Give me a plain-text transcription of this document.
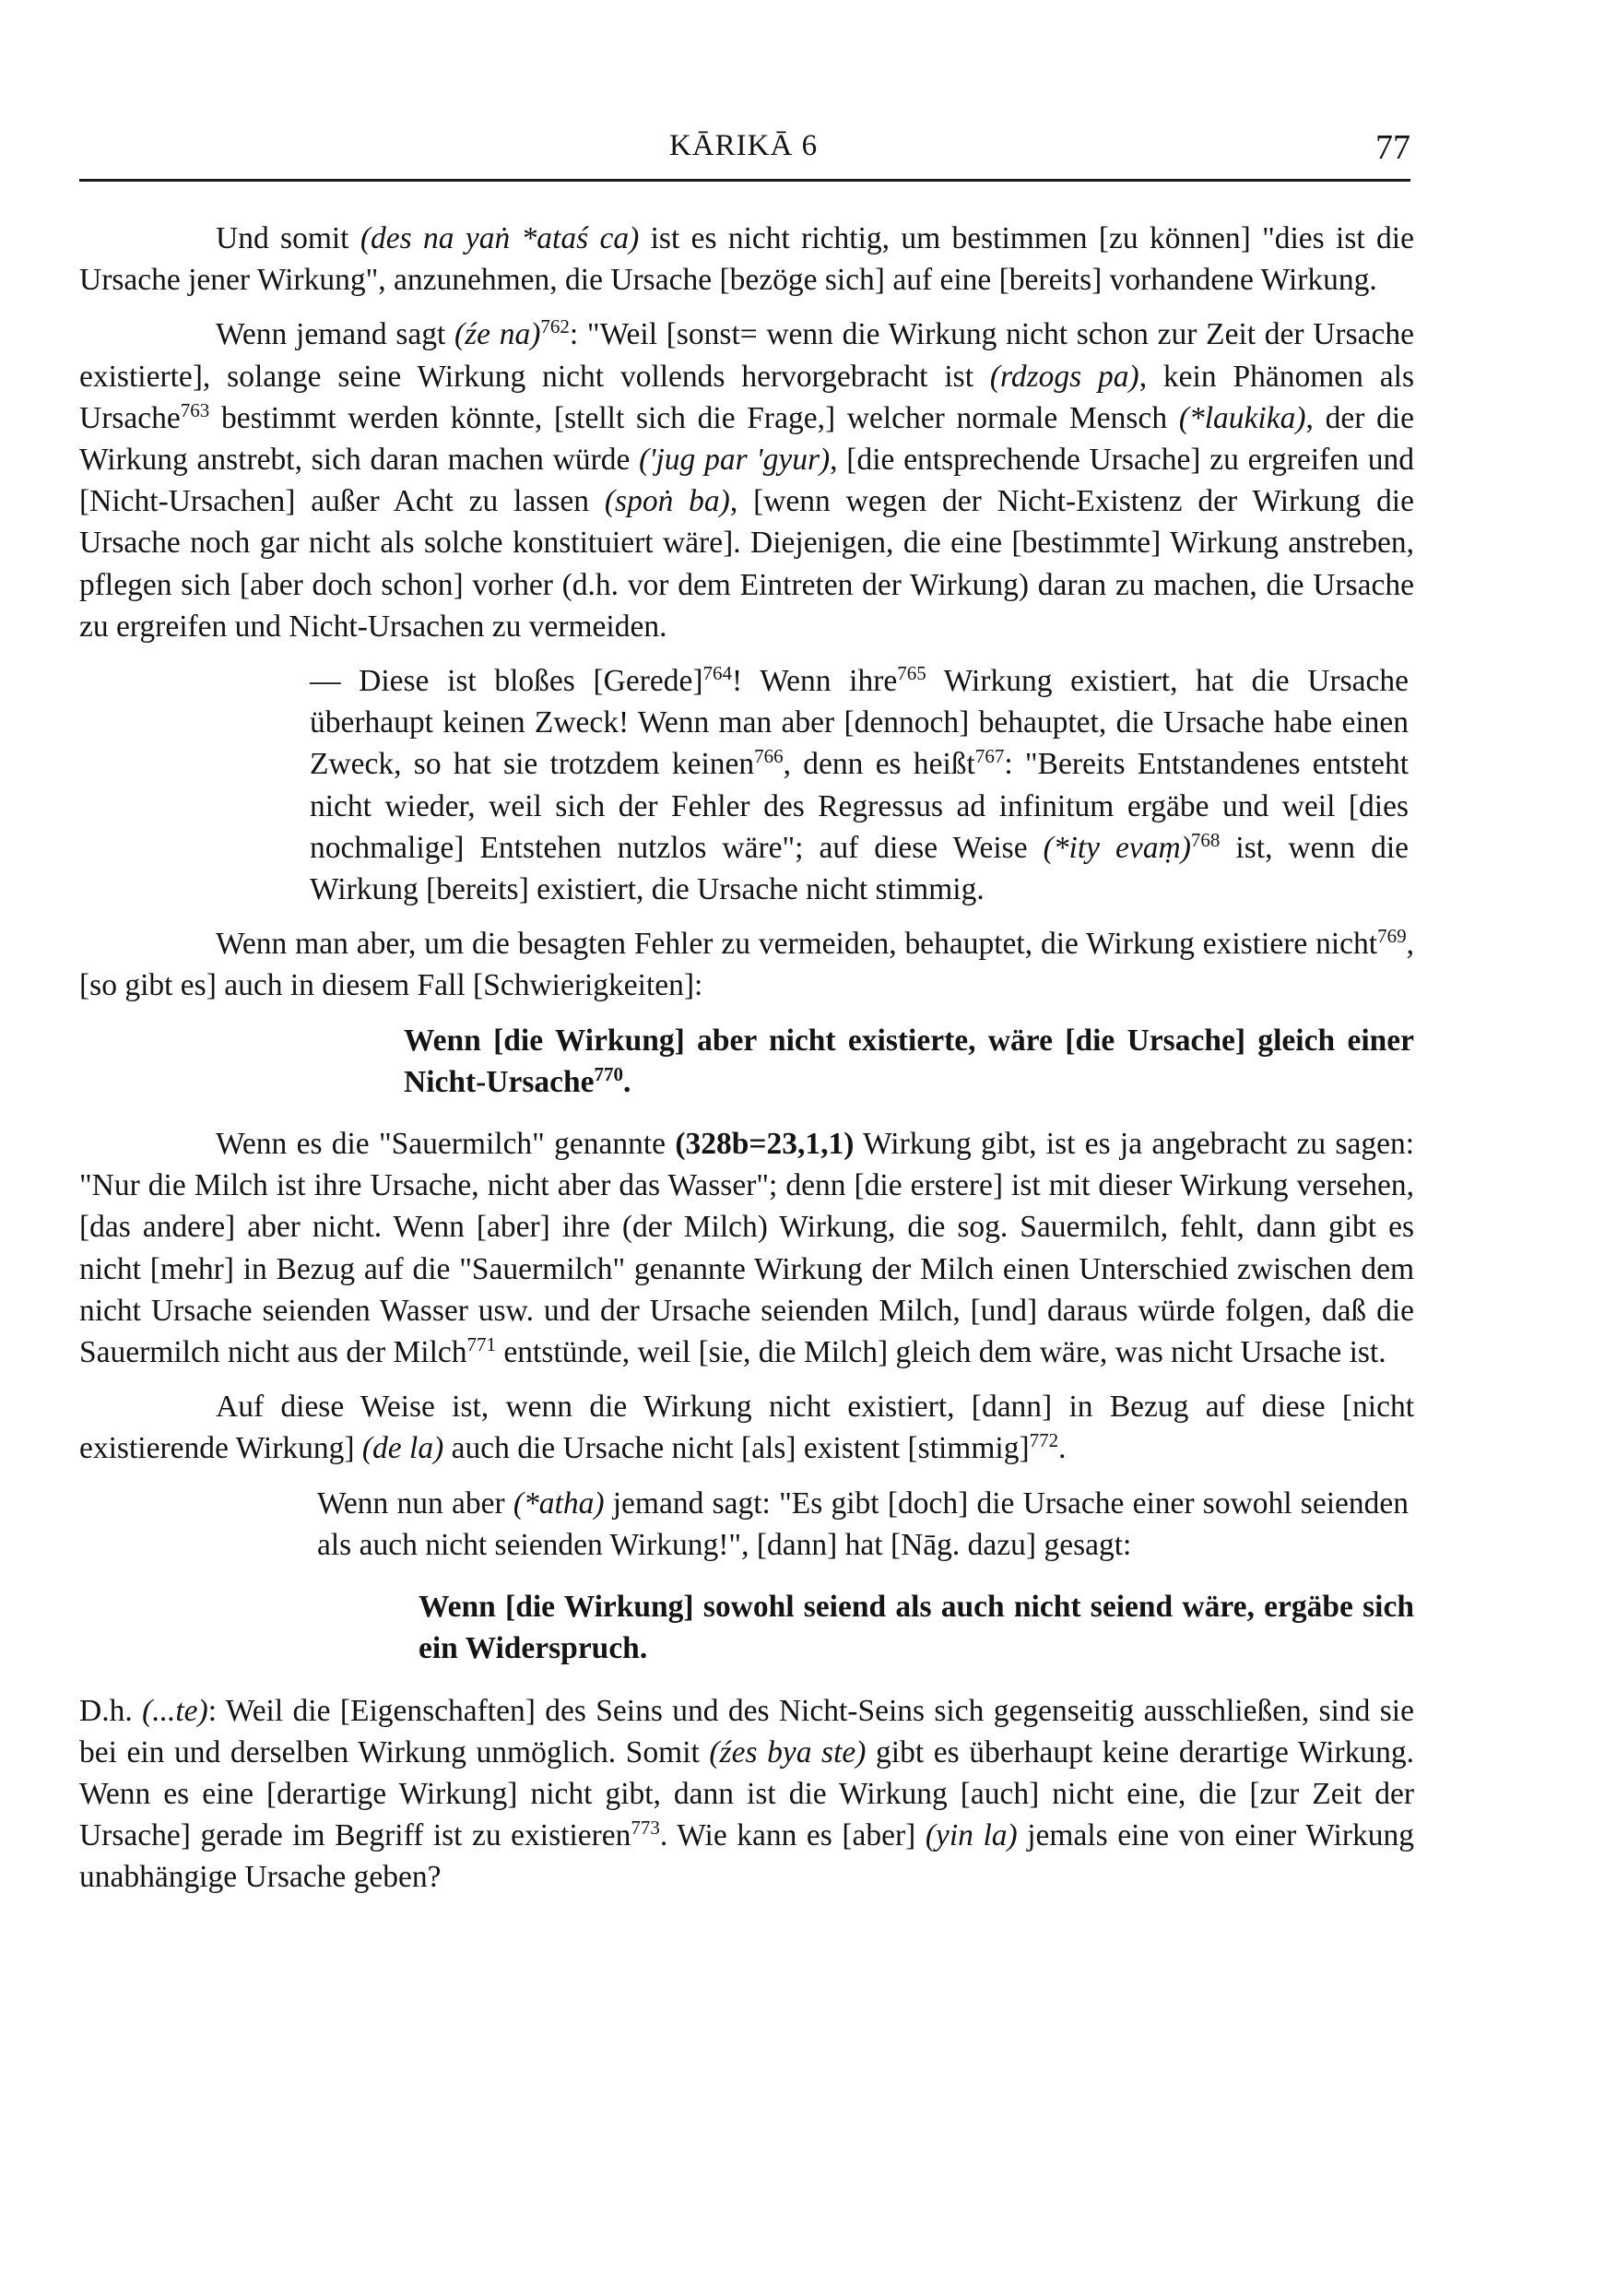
KĀRIKĀ 6	77

Und somit (des na yaṅ *ataś ca) ist es nicht richtig, um bestimmen [zu können] "dies ist die Ursache jener Wirkung", anzunehmen, die Ursache [bezöge sich] auf eine [bereits] vorhandene Wirkung.

Wenn jemand sagt (źe na)$^{762}$: "Weil [sonst= wenn die Wirkung nicht schon zur Zeit der Ursache existierte], solange seine Wirkung nicht vollends hervorgebracht ist (rdzogs pa), kein Phänomen als Ursache$^{763}$ bestimmt werden könnte, [stellt sich die Frage,] welcher normale Mensch (*laukika), der die Wirkung anstrebt, sich daran machen würde ('jug par 'gyur), [die entsprechende Ursache] zu ergreifen und [Nicht-Ursachen] außer Acht zu lassen (spoṅ ba), [wenn wegen der Nicht-Existenz der Wirkung die Ursache noch gar nicht als solche konstituiert wäre]. Diejenigen, die eine [bestimmte] Wirkung anstreben, pflegen sich [aber doch schon] vorher (d.h. vor dem Eintreten der Wirkung) daran zu machen, die Ursache zu ergreifen und Nicht-Ursachen zu vermeiden.

— Diese ist bloßes [Gerede]$^{764}$! Wenn ihre$^{765}$ Wirkung existiert, hat die Ursache überhaupt keinen Zweck! Wenn man aber [dennoch] behauptet, die Ursache habe einen Zweck, so hat sie trotzdem keinen$^{766}$, denn es heißt$^{767}$: "Bereits Entstandenes entsteht nicht wieder, weil sich der Fehler des Regressus ad infinitum ergäbe und weil [dies nochmalige] Entstehen nutzlos wäre"; auf diese Weise (*ity evaṃ)$^{768}$ ist, wenn die Wirkung [bereits] existiert, die Ursache nicht stimmig.

Wenn man aber, um die besagten Fehler zu vermeiden, behauptet, die Wirkung existiere nicht$^{769}$, [so gibt es] auch in diesem Fall [Schwierigkeiten]:

Wenn [die Wirkung] aber nicht existierte, wäre [die Ursache] gleich einer Nicht-Ursache$^{770}$.

Wenn es die "Sauermilch" genannte (328b=23,1,1) Wirkung gibt, ist es ja angebracht zu sagen: "Nur die Milch ist ihre Ursache, nicht aber das Wasser"; denn [die erstere] ist mit dieser Wirkung versehen, [das andere] aber nicht. Wenn [aber] ihre (der Milch) Wirkung, die sog. Sauermilch, fehlt, dann gibt es nicht [mehr] in Bezug auf die "Sauermilch" genannte Wirkung der Milch einen Unterschied zwischen dem nicht Ursache seienden Wasser usw. und der Ursache seienden Milch, [und] daraus würde folgen, daß die Sauermilch nicht aus der Milch$^{771}$ entstünde, weil [sie, die Milch] gleich dem wäre, was nicht Ursache ist.

Auf diese Weise ist, wenn die Wirkung nicht existiert, [dann] in Bezug auf diese [nicht existierende Wirkung] (de la) auch die Ursache nicht [als] existent [stimmig]$^{772}$.

Wenn nun aber (*atha) jemand sagt: "Es gibt [doch] die Ursache einer sowohl seienden als auch nicht seienden Wirkung!", [dann] hat [Nāg. dazu] gesagt:

Wenn [die Wirkung] sowohl seiend als auch nicht seiend wäre, ergäbe sich ein Widerspruch.

D.h. (...te): Weil die [Eigenschaften] des Seins und des Nicht-Seins sich gegenseitig ausschließen, sind sie bei ein und derselben Wirkung unmöglich. Somit (źes bya ste) gibt es überhaupt keine derartige Wirkung. Wenn es eine [derartige Wirkung] nicht gibt, dann ist die Wirkung [auch] nicht eine, die [zur Zeit der Ursache] gerade im Begriff ist zu existieren$^{773}$. Wie kann es [aber] (yin la) jemals eine von einer Wirkung unabhängige Ursache geben?
